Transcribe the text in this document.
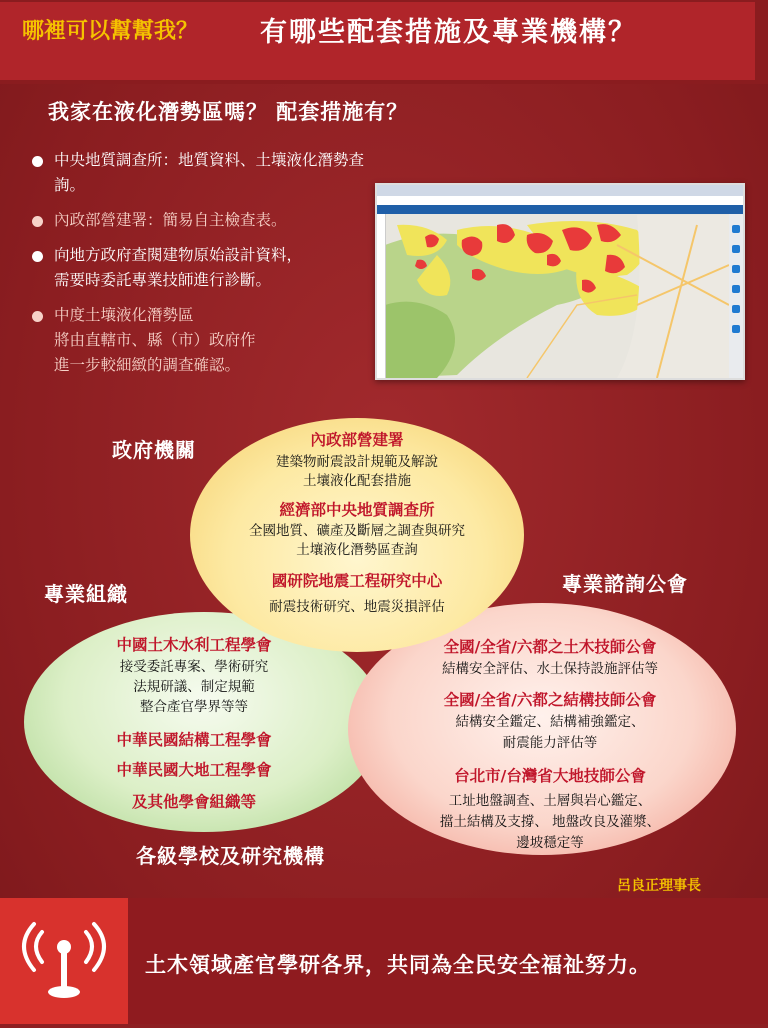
哪裡可以幫幫我？ 有哪些配套措施及專業機構？
我家在液化潛勢區嗎？ 配套措施有？
中央地質調查所：地質資料、土壤液化潛勢查詢。
內政部營建署：簡易自主檢查表。
向地方政府查閱建物原始設計資料，
需要時委託專業技師進行診斷。
中度土壤液化潛勢區
將由直轄市、縣（市）政府作
進一步較細緻的調查確認。
政府機關
專業組織	專業諮詢公會
各級學校及研究機構
內政部營建署
建築物耐震設計規範及解說
土壤液化配套措施
經濟部中央地質調查所
全國地質、礦產及斷層之調查與研究
土壤液化潛勢區查詢
國研院地震工程研究中心
耐震技術研究、地震災損評估
中國土木水利工程學會
接受委託專案、學術研究
法規研議、制定規範
整合產官學界等等
中華民國結構工程學會
中華民國大地工程學會
及其他學會組織等
全國/全省/六都之土木技師公會
結構安全評估、水土保持設施評估等
全國/全省/六都之結構技師公會
結構安全鑑定、結構補強鑑定、
耐震能力評估等
台北市/台灣省大地技師公會
工址地盤調查、土層與岩心鑑定、
擋土結構及支撐、 地盤改良及灌漿、
邊坡穩定等
呂良正理事長
土木領域產官學研各界，共同為全民安全福祉努力。
